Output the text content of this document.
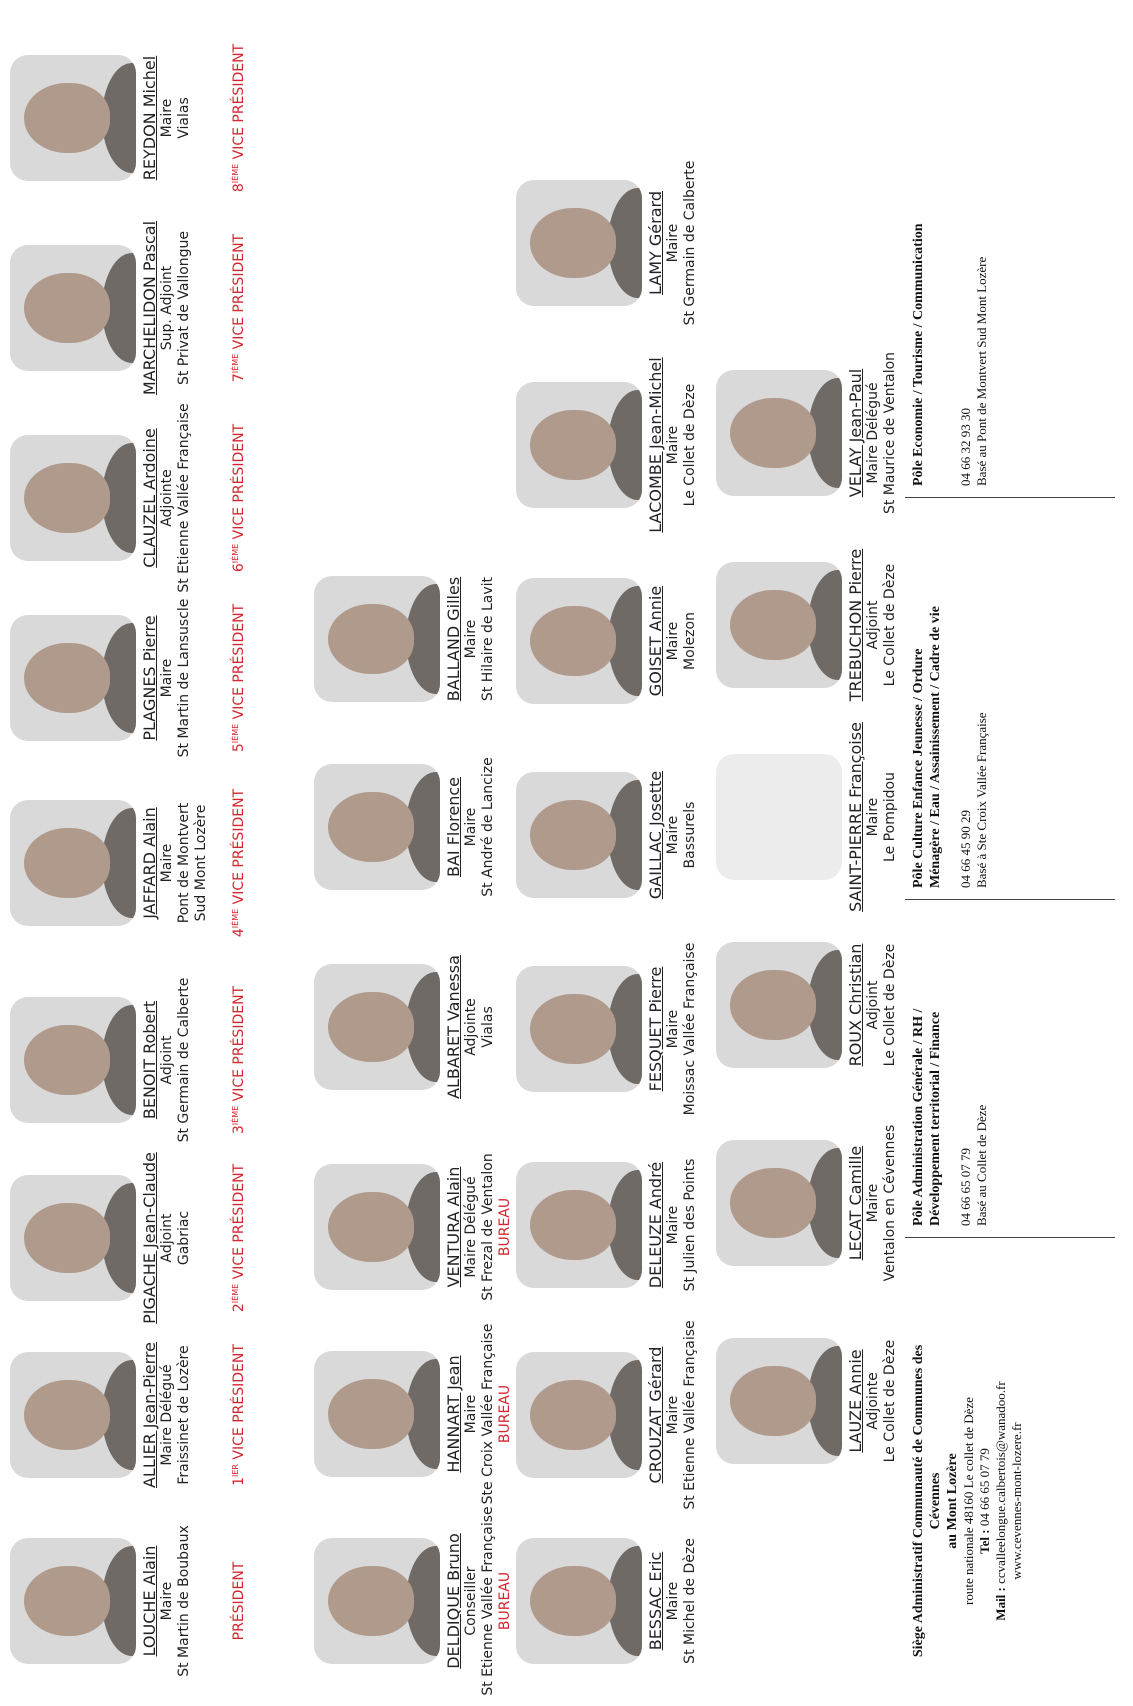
LOUCHE Alain Maire St Martin de Boubaux
ALLIER Jean-Pierre Maire Délégué Fraissinet de Lozère
PIGACHE Jean-Claude Adjoint Gabriac
BENOIT Robert Adjoint St Germain de Calberte
JAFFARD Alain Maire Pont de Montvert Sud Mont Lozère
PLAGNES Pierre Maire St Martin de Lansuscle
CLAUZEL Ardoine Adjointe St Etienne Vallée Française
MARCHELIDON Pascal Sup. Adjoint St Privat de Vallongue
REYDON Michel Maire Vialas
PRÉSIDENT
$1^{IER}$ VICE PRÉSIDENT
2IÈME VICE PRÉSIDENT
3IÈME VICE PRÉSIDENT
4IÈME VICE PRÉSIDENT
5IÈME VICE PRÉSIDENT
6IÈME VICE PRÉSIDENT
7IÈME VICE PRÉSIDENT
8IÈME VICE PRÉSIDENT
DELDIQUE Bruno Conseiller St Etienne Vallée Française BUREAU
HANNART Jean Maire Ste Croix Vallée Française BUREAU
VENTURA Alain Maire Délégué St Frezal de Ventalon BUREAU
ALBARET Vanessa Adjointe Vialas
BAI Florence Maire St André de Lancize
BALLAND Gilles Maire St Hilaire de Lavit
BESSAC Eric Maire St Michel de Dèze
CROUZAT Gérard Maire St Etienne Vallée Française
DELEUZE André Maire St Julien des Points
FESQUET Pierre Maire Moissac Vallée Française
GAILLAC Josette Maire Bassurels
GOISET Annie Maire Molezon
LACOMBE Jean-Michel Maire Le Collet de Dèze
LAMY Gérard Maire St Germain de Calberte
LAUZE Annie Adjointe Le Collet de Dèze
LECAT Camille Maire Ventalon en Cévennes
ROUX Christian Adjoint Le Collet de Dèze
SAINT-PIERRE Françoise Maire Le Pompidou
TREBUCHON Pierre Adjoint Le Collet de Dèze
VELAY Jean-Paul Maire Délégué St Maurice de Ventalon
Siège Administratif Communauté de Communes des Cévennes au Mont Lozère route nationale 48160 Le collet de Dèze Tel : 04 66 65 07 79
Mail : ccvalleelongue.calbertois@wanadoo.fr www.cevennes-mont-lozere.fr
Pôle Administration Générale / RH / Développement territorial / Finance 04 66 65 07 79 Basé au Collet de Dèze
Pôle Culture Enfance Jeunesse / Ordure Ménagère / Eau / Assainissement / Cadre de vie 04 66 45 90 29 Basé à Ste Croix Vallée Française
Pôle Economie / Tourisme / Communication 04 66 32 93 30 Basé au Pont de Montvert Sud Mont Lozère
